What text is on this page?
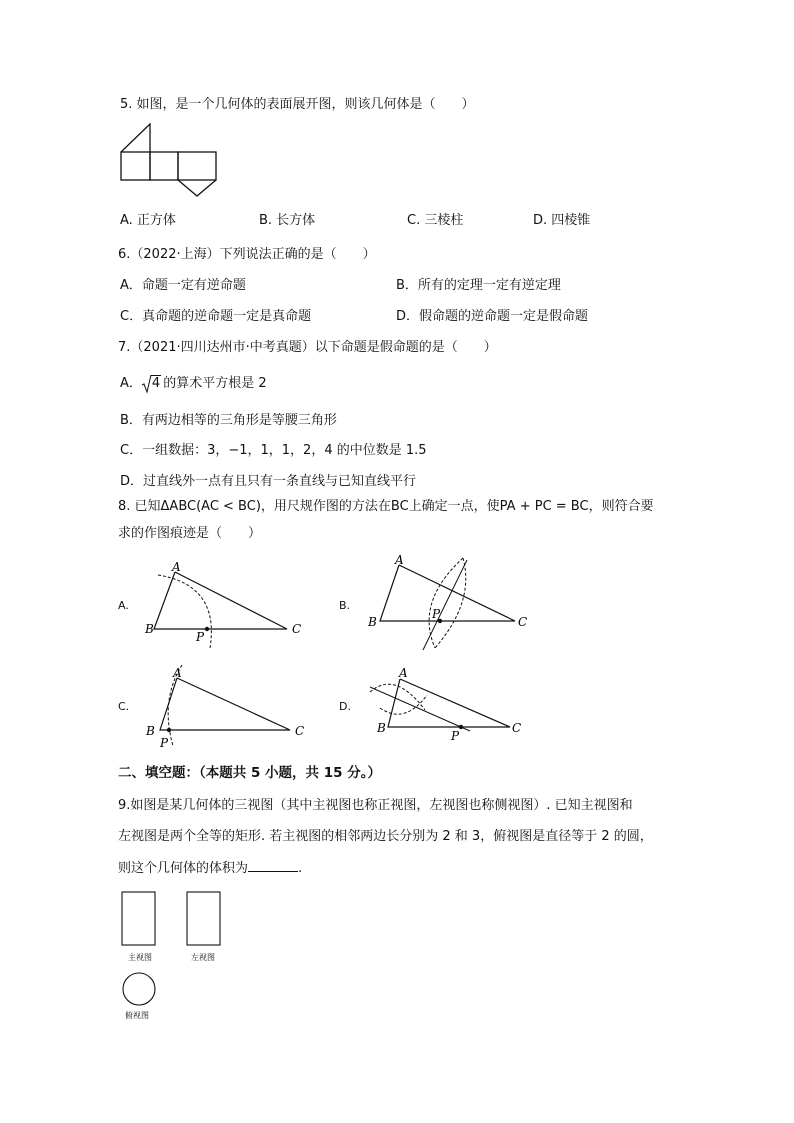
5. 如图，是一个几何体的表面展开图，则该几何体是（　　）
A. 正方体	B. 长方体	C. 三棱柱	D. 四棱锥
6.（2022·上海）下列说法正确的是（　　）
A．命题一定有逆命题	B．所有的定理一定有逆定理
C．真命题的逆命题一定是真命题	D．假命题的逆命题一定是假命题
7.（2021·四川达州市·中考真题）以下命题是假命题的是（　　）
A． 4 的算术平方根是 2
B．有两边相等的三角形是等腰三角形
C．一组数据：3，−1，1，1，2，4 的中位数是 1.5
D．过直线外一点有且只有一条直线与已知直线平行
8. 已知ΔABC(AC < BC)，用尺规作图的方法在BC上确定一点，使PA + PC = BC，则符合要
求的作图痕迹是（　　）
A.
A
B	C
P
B.
A
B	C
P
C.
A
B	C
P
D.
A
B	C
P
二、填空题：（本题共 5 小题，共 15 分。）
9.如图是某几何体的三视图（其中主视图也称正视图，左视图也称侧视图）. 已知主视图和
左视图是两个全等的矩形. 若主视图的相邻两边长分别为 2 和 3，俯视图是直径等于 2 的圆，
则这个几何体的体积为	.
主视图	左视图
俯视图
